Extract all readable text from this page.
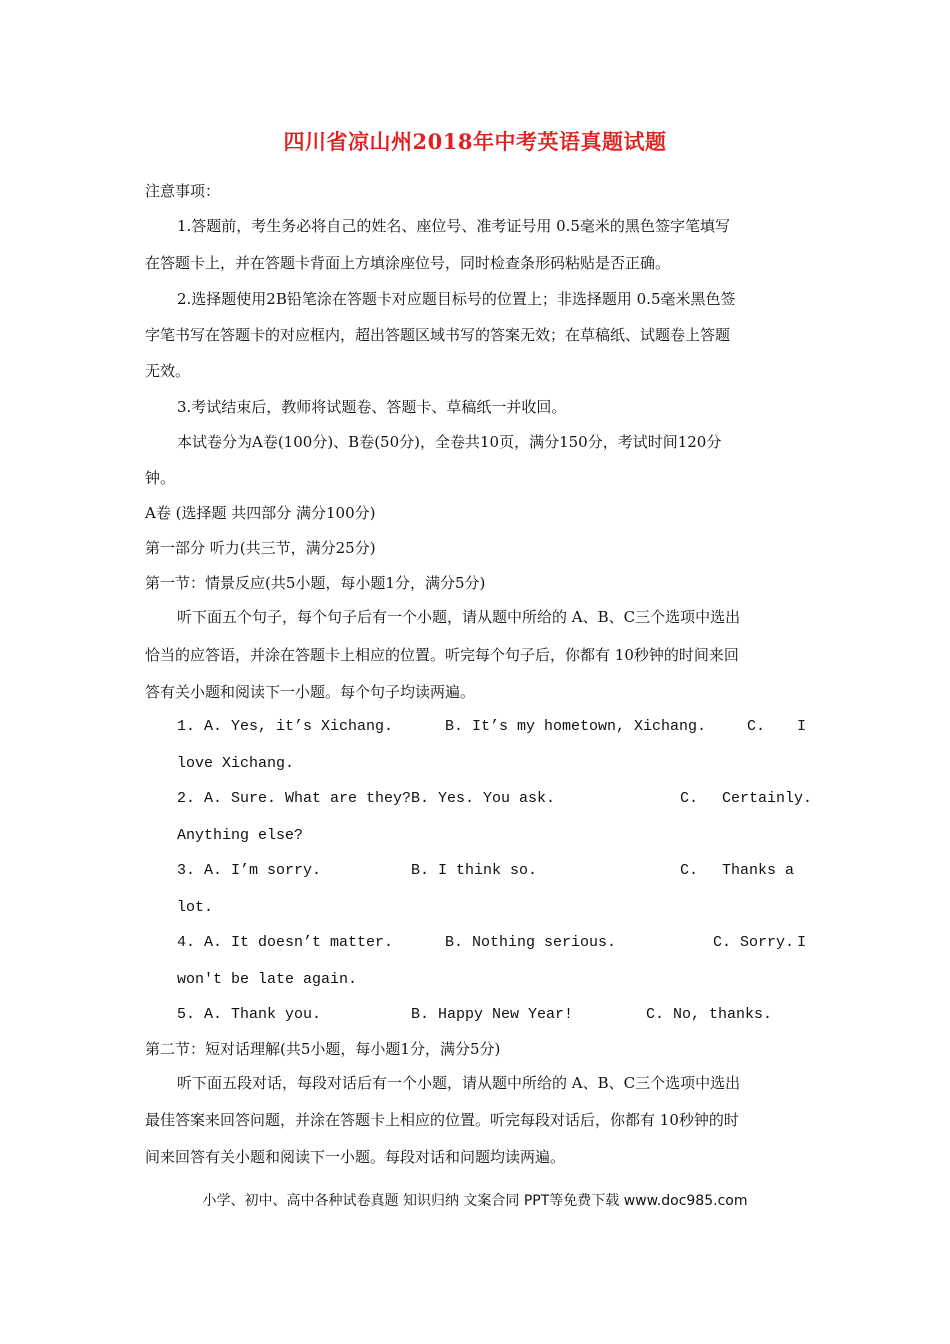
四川省凉山州2018年中考英语真题试题
注意事项：
1.答题前，考生务必将自己的姓名、座位号、准考证号用 0.5毫米的黑色签字笔填写
在答题卡上，并在答题卡背面上方填涂座位号，同时检查条形码粘贴是否正确。
2.选择题使用2B铅笔涂在答题卡对应题目标号的位置上；非选择题用 0.5毫米黑色签
字笔书写在答题卡的对应框内，超出答题区域书写的答案无效；在草稿纸、试题卷上答题
无效。
3.考试结束后，教师将试题卷、答题卡、草稿纸一并收回。
本试卷分为A卷(100分)、B卷(50分)，全卷共10页，满分150分，考试时间120分
钟。
A卷 (选择题 共四部分 满分100分)
第一部分 听力(共三节，满分25分)
第一节：情景反应(共5小题，每小题1分，满分5分)
听下面五个句子，每个句子后有一个小题，请从题中所给的 A、B、C三个选项中选出
恰当的应答语，并涂在答题卡上相应的位置。听完每个句子后，你都有 10秒钟的时间来回
答有关小题和阅读下一小题。每个句子均读两遍。
1. A. Yes, it’s Xichang.	B. It’s my hometown, Xichang.	C. I
love Xichang.
2. A. Sure. What are they? B. Yes. You ask.	C. Certainly.
Anything else?
3. A. I’m sorry.	B. I think so.	C. Thanks a
lot.
4. A. It doesn’t matter.	B. Nothing serious.	C. Sorry. I
won't be late again.
5. A. Thank you.	B. Happy New Year!	C. No, thanks.
第二节：短对话理解(共5小题，每小题1分，满分5分)
听下面五段对话，每段对话后有一个小题，请从题中所给的 A、B、C三个选项中选出
最佳答案来回答问题，并涂在答题卡上相应的位置。听完每段对话后，你都有 10秒钟的时
间来回答有关小题和阅读下一小题。每段对话和问题均读两遍。
小学、初中、高中各种试卷真题 知识归纳 文案合同 PPT等免费下载 www.doc985.com
